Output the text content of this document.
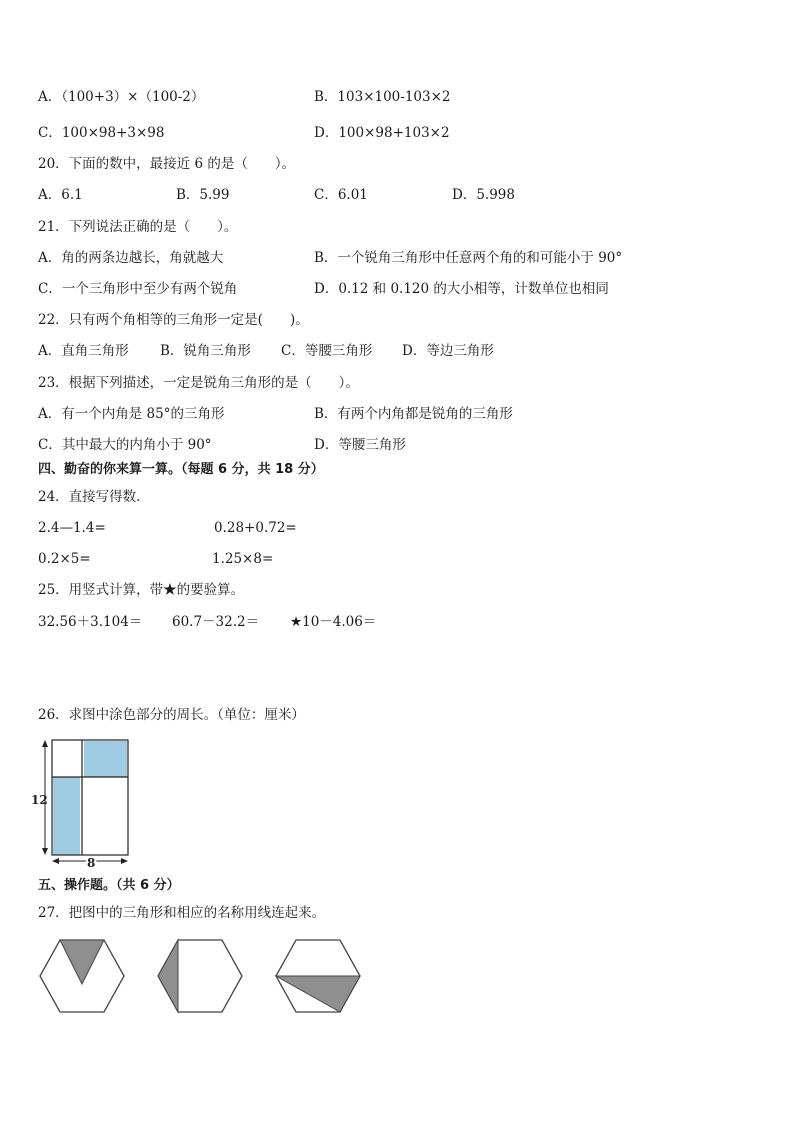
A．（100+3）×（100-2）	B．103×100-103×2
C．100×98+3×98	D．100×98+103×2
20．下面的数中，最接近 6 的是（　　）。
A．6.1	B．5.99	C．6.01	D．5.998
21．下列说法正确的是（　　）。
A．角的两条边越长，角就越大	B．一个锐角三角形中任意两个角的和可能小于 90°
C．一个三角形中至少有两个锐角	D．0.12 和 0.120 的大小相等，计数单位也相同
22．只有两个角相等的三角形一定是(　　)。
A．直角三角形 B．锐角三角形 C．等腰三角形 D．等边三角形
23．根据下列描述，一定是锐角三角形的是（　　）。
A．有一个内角是 85°的三角形	B．有两个内角都是锐角的三角形
C．其中最大的内角小于 90°	D．等腰三角形
四、勤奋的你来算一算。（每题 6 分，共 18 分）
24．直接写得数．
2.4—1.4=	0.28+0.72=
0.2×5=	1.25×8=
25．用竖式计算，带★的要验算。
32.56＋3.104＝ 60.7－32.2＝ ★10－4.06＝
26．求图中涂色部分的周长。（单位：厘米）
12
8
五、操作题。（共 6 分）
27．把图中的三角形和相应的名称用线连起来。
